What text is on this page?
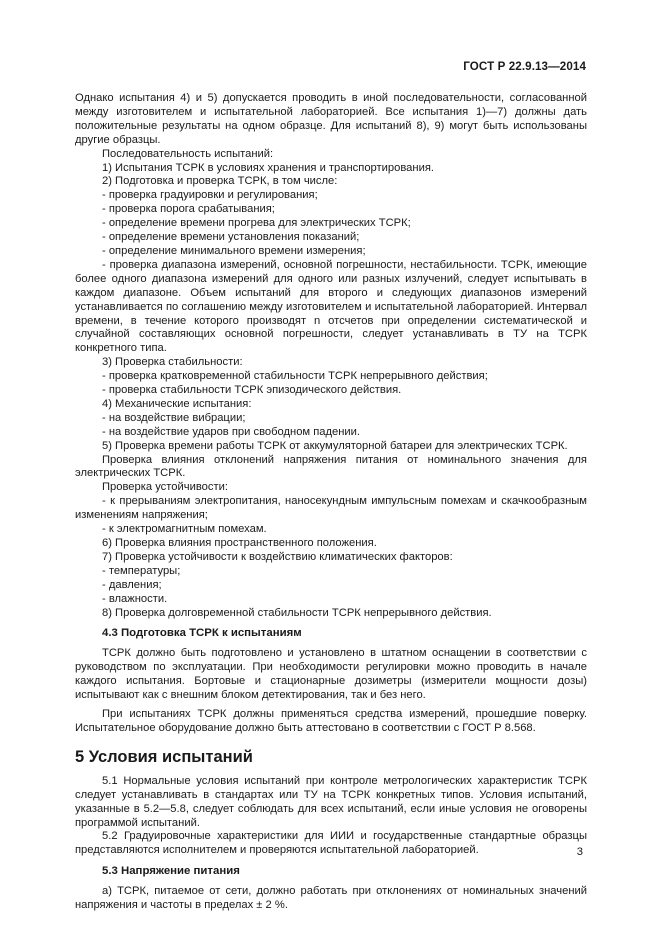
ГОСТ Р 22.9.13—2014

Однако испытания 4) и 5) допускается проводить в иной последовательности, согласованной между изготовителем и испытательной лабораторией. Все испытания 1)—7) должны дать положительные результаты на одном образце. Для испытаний 8), 9) могут быть использованы другие образцы.

Последовательность испытаний:

1) Испытания ТСРК в условиях хранения и транспортирования.

2) Подготовка и проверка ТСРК, в том числе:

- проверка градуировки и регулирования;

- проверка порога срабатывания;

- определение времени прогрева для электрических ТСРК;

- определение времени установления показаний;

- определение минимального времени измерения;

- проверка диапазона измерений, основной погрешности, нестабильности. ТСРК, имеющие более одного диапазона измерений для одного или разных излучений, следует испытывать в каждом диапазоне. Объем испытаний для второго и следующих диапазонов измерений устанавливается по соглашению между изготовителем и испытательной лабораторией. Интервал времени, в течение которого производят n отсчетов при определении систематической и случайной составляющих основной погрешности, следует устанавливать в ТУ на ТСРК конкретного типа.

3) Проверка стабильности:

- проверка кратковременной стабильности ТСРК непрерывного действия;

- проверка стабильности ТСРК эпизодического действия.

4) Механические испытания:

- на воздействие вибрации;

- на воздействие ударов при свободном падении.

5) Проверка времени работы ТСРК от аккумуляторной батареи для электрических ТСРК.

Проверка влияния отклонений напряжения питания от номинального значения для электрических ТСРК.

Проверка устойчивости:

- к прерываниям электропитания, наносекундным импульсным помехам и скачкообразным изменениям напряжения;

- к электромагнитным помехам.

6) Проверка влияния пространственного положения.

7) Проверка устойчивости к воздействию климатических факторов:

- температуры;

- давления;

- влажности.

8) Проверка долговременной стабильности ТСРК непрерывного действия.

4.3 Подготовка ТСРК к испытаниям

ТСРК должно быть подготовлено и установлено в штатном оснащении в соответствии с руководством по эксплуатации. При необходимости регулировки можно проводить в начале каждого испытания. Бортовые и стационарные дозиметры (измерители мощности дозы) испытывают как с внешним блоком детектирования, так и без него.

При испытаниях ТСРК должны применяться средства измерений, прошедшие поверку. Испытательное оборудование должно быть аттестовано в соответствии с ГОСТ Р 8.568.

5 Условия испытаний

5.1 Нормальные условия испытаний при контроле метрологических характеристик ТСРК следует устанавливать в стандартах или ТУ на ТСРК конкретных типов. Условия испытаний, указанные в 5.2—5.8, следует соблюдать для всех испытаний, если иные условия не оговорены программой испытаний.

5.2 Градуировочные характеристики для ИИИ и государственные стандартные образцы представляются исполнителем и проверяются испытательной лабораторией.

5.3 Напряжение питания

а) ТСРК, питаемое от сети, должно работать при отклонениях от номинальных значений напряжения и частоты в пределах ± 2 %.

3
